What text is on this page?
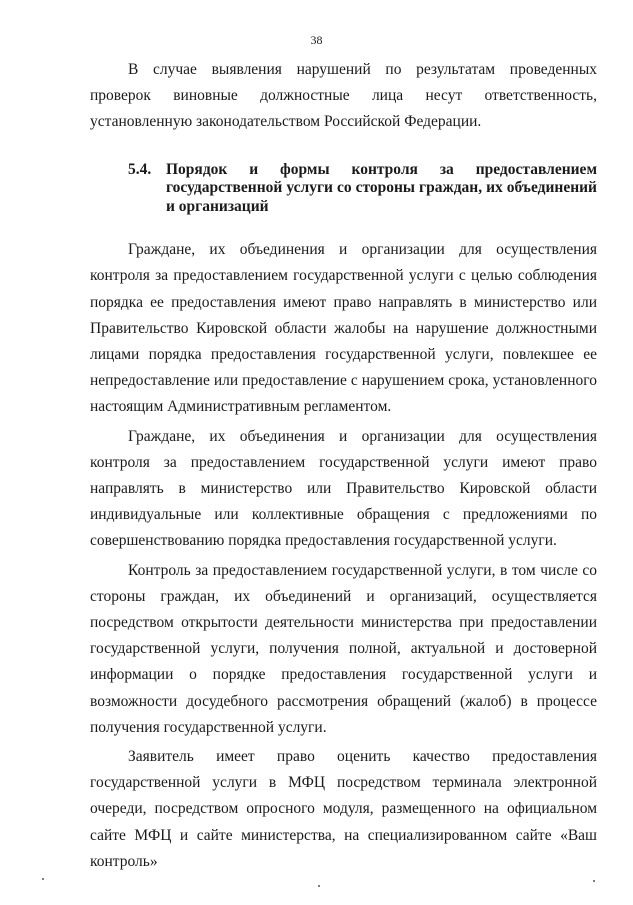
38

В случае выявления нарушений по результатам проведенных проверок виновные должностные лица несут ответственность, установленную законодательством Российской Федерации.

5.4. Порядок и формы контроля за предоставлением государственной услуги со стороны граждан, их объединений и организаций

Граждане, их объединения и организации для осуществления контроля за предоставлением государственной услуги с целью соблюдения порядка ее предоставления имеют право направлять в министерство или Правительство Кировской области жалобы на нарушение должностными лицами порядка предоставления государственной услуги, повлекшее ее непредоставление или предоставление с нарушением срока, установленного настоящим Административным регламентом.

Граждане, их объединения и организации для осуществления контроля за предоставлением государственной услуги имеют право направлять в министерство или Правительство Кировской области индивидуальные или коллективные обращения с предложениями по совершенствованию порядка предоставления государственной услуги.

Контроль за предоставлением государственной услуги, в том числе со стороны граждан, их объединений и организаций, осуществляется посредством открытости деятельности министерства при предоставлении государственной услуги, получения полной, актуальной и достоверной информации о порядке предоставления государственной услуги и возможности досудебного рассмотрения обращений (жалоб) в процессе получения государственной услуги.

Заявитель имеет право оценить качество предоставления государственной услуги в МФЦ посредством терминала электронной очереди, посредством опросного модуля, размещенного на официальном сайте МФЦ и сайте министерства, на специализированном сайте «Ваш контроль»
